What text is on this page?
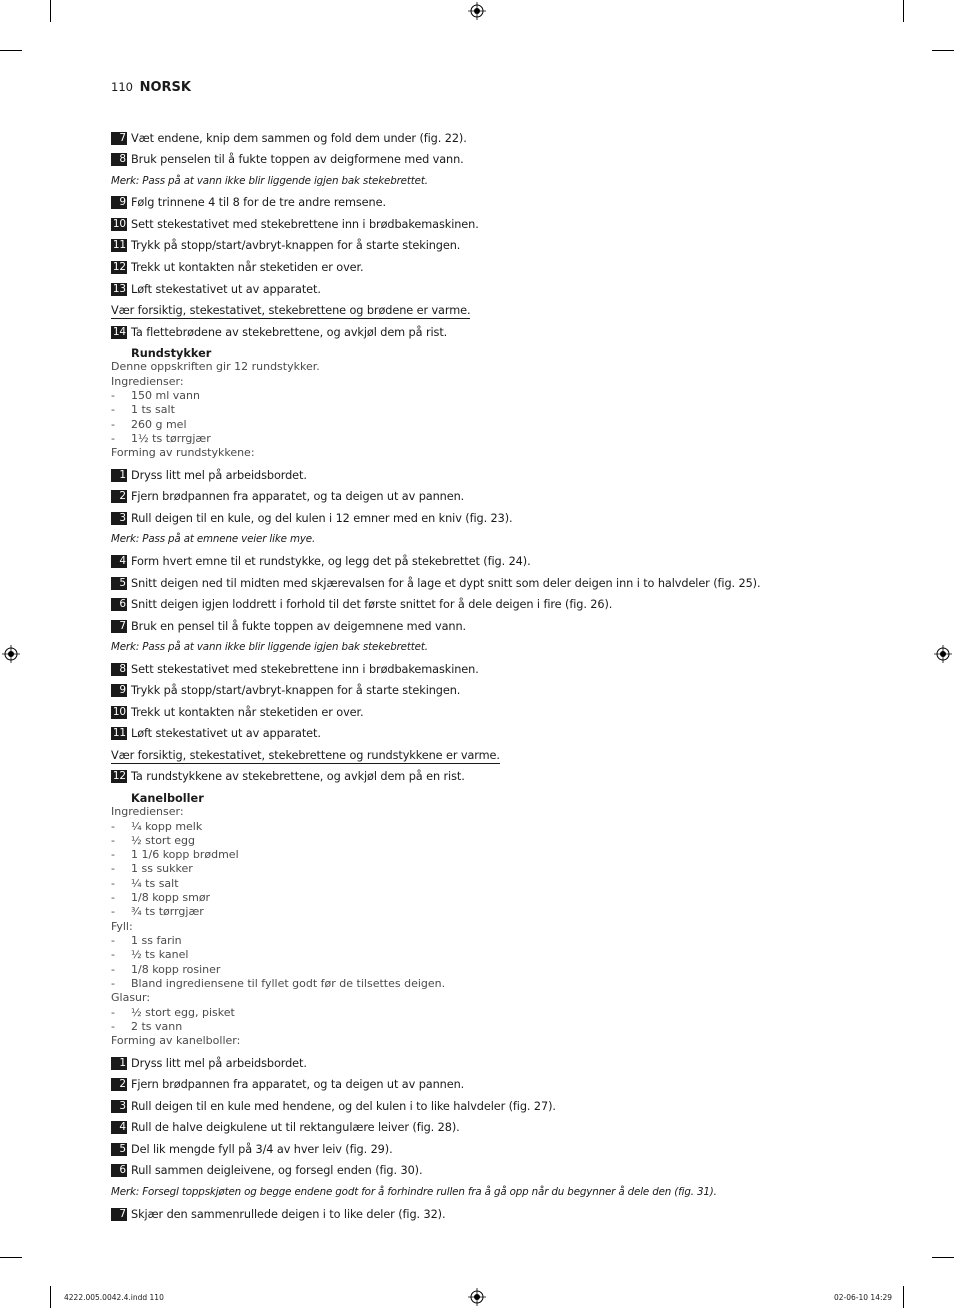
110 NORSK
7 Væt endene, knip dem sammen og fold dem under (fig. 22).
8 Bruk penselen til å fukte toppen av deigformene med vann.
Merk: Pass på at vann ikke blir liggende igjen bak stekebrettet.
9 Følg trinnene 4 til 8 for de tre andre remsene.
10 Sett stekestativet med stekebrettene inn i brødbakemaskinen.
11 Trykk på stopp/start/avbryt-knappen for å starte stekingen.
12 Trekk ut kontakten når steketiden er over.
13 Løft stekestativet ut av apparatet.
Vær forsiktig, stekestativet, stekebrettene og brødene er varme.
14 Ta flettebrødene av stekebrettene, og avkjøl dem på rist.
Rundstykker
Denne oppskriften gir 12 rundstykker.
Ingredienser:
- 150 ml vann
- 1 ts salt
- 260 g mel
- 1½ ts tørrgjær
Forming av rundstykkene:
1 Dryss litt mel på arbeidsbordet.
2 Fjern brødpannen fra apparatet, og ta deigen ut av pannen.
3 Rull deigen til en kule, og del kulen i 12 emner med en kniv (fig. 23).
Merk: Pass på at emnene veier like mye.
4 Form hvert emne til et rundstykke, og legg det på stekebrettet (fig. 24).
5 Snitt deigen ned til midten med skjærevalsen for å lage et dypt snitt som deler deigen inn i to halvdeler (fig. 25).
6 Snitt deigen igjen loddrett i forhold til det første snittet for å dele deigen i fire (fig. 26).
7 Bruk en pensel til å fukte toppen av deigemnene med vann.
Merk: Pass på at vann ikke blir liggende igjen bak stekebrettet.
8 Sett stekestativet med stekebrettene inn i brødbakemaskinen.
9 Trykk på stopp/start/avbryt-knappen for å starte stekingen.
10 Trekk ut kontakten når steketiden er over.
11 Løft stekestativet ut av apparatet.
Vær forsiktig, stekestativet, stekebrettene og rundstykkene er varme.
12 Ta rundstykkene av stekebrettene, og avkjøl dem på en rist.
Kanelboller
Ingredienser:
- ¼ kopp melk
- ½ stort egg
- 1 1/6 kopp brødmel
- 1 ss sukker
- ¼ ts salt
- 1/8 kopp smør
- ¾ ts tørrgjær
Fyll:
- 1 ss farin
- ½ ts kanel
- 1/8 kopp rosiner
- Bland ingrediensene til fyllet godt før de tilsettes deigen.
Glasur:
- ½ stort egg, pisket
- 2 ts vann
Forming av kanelboller:
1 Dryss litt mel på arbeidsbordet.
2 Fjern brødpannen fra apparatet, og ta deigen ut av pannen.
3 Rull deigen til en kule med hendene, og del kulen i to like halvdeler (fig. 27).
4 Rull de halve deigkulene ut til rektangulære leiver (fig. 28).
5 Del lik mengde fyll på 3/4 av hver leiv (fig. 29).
6 Rull sammen deigleivene, og forsegl enden (fig. 30).
Merk: Forsegl toppskjøten og begge endene godt for å forhindre rullen fra å gå opp når du begynner å dele den (fig. 31).
7 Skjær den sammenrullede deigen i to like deler (fig. 32).
4222.005.0042.4.indd 110	02-06-10 14:29
